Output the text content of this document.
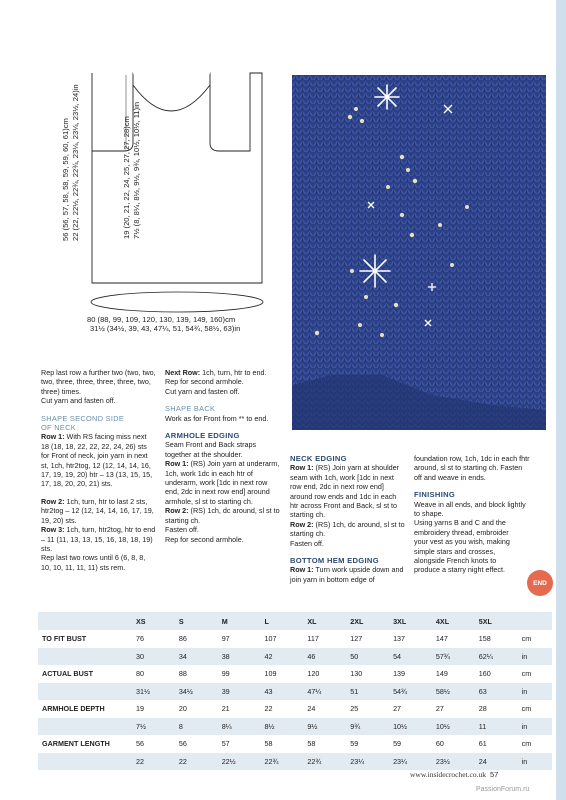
56 (56, 57, 58, 58, 59, 59, 60, 61)cm 22 (22, 22½, 22¾, 22¾, 23¼, 23¼, 23½, 24)in	19 (20, 21, 22, 24, 25, 27, 27, 28)cm 7½ (8, 8¼, 8½, 9½, 9¾, 10½, 10½, 11)in
80 (88, 99, 109, 120, 130, 139, 149, 160)cm
31½ (34½, 39, 43, 47¼, 51, 54¾, 58½, 63)in

Rep last row a further two (two, two, two, three, three, three, three, two, three) times.

Cut yarn and fasten off.

SHAPE SECOND SIDE
OF NECK

Row 1: With RS facing miss next 18 (18, 18, 22, 22, 22, 24, 26) sts for Front of neck, join yarn in next st, 1ch, htr2tog, 12 (12, 14, 14, 16, 17, 19, 19, 20) htr – 13 (13, 15, 15, 17, 18, 20, 20, 21) sts.

Row 2: 1ch, turn, htr to last 2 sts, htr2tog – 12 (12, 14, 14, 16, 17, 19, 19, 20) sts.

Row 3: 1ch, turn, htr2tog, htr to end – 11 (11, 13, 13, 15, 16, 18, 18, 19) sts.

Rep last two rows until 6 (6, 8, 8, 10, 10, 11, 11, 11) sts rem.

Next Row: 1ch, turn, htr to end.

Rep for second armhole.

Cut yarn and fasten off.

SHAPE BACK

Work as for Front from ** to end.

ARMHOLE EDGING

Seam Front and Back straps together at the shoulder.

Row 1: (RS) Join yarn at underarm, 1ch, work 1dc in each htr of underarm, work [1dc in next row end, 2dc in next row end] around armhole, sl st to starting ch.

Row 2: (RS) 1ch, dc around, sl st to starting ch.

Fasten off.

Rep for second armhole.

NECK EDGING

Row 1: (RS) Join yarn at shoulder seam with 1ch, work [1dc in next row end, 2dc in next row end] around row ends and 1dc in each htr across Front and Back, sl st to starting ch.

Row 2: (RS) 1ch, dc around, sl st to starting ch.

Fasten off.

BOTTOM HEM EDGING

Row 1: Turn work upside down and join yarn in bottom edge of

foundation row, 1ch, 1dc in each fhtr around, sl st to starting ch. Fasten off and weave in ends.

FINISHING

Weave in all ends, and block lightly to shape.

Using yarns B and C and the embroidery thread, embroider your vest as you wish, making simple stars and crosses, alongside French knots to produce a starry night effect.

END
	XS	S	M	L	XL	2XL	3XL	4XL	5XL	
TO FIT BUST	76	86	97	107	117	127	137	147	158	cm
	30	34	38	42	46	50	54	57¾	62¼	in
ACTUAL BUST	80	88	99	109	120	130	139	149	160	cm
	31½	34½	39	43	47¼	51	54¾	58½	63	in
ARMHOLE DEPTH	19	20	21	22	24	25	27	27	28	cm
	7½	8	8¼	8½	9½	9¾	10½	10½	11	in
GARMENT LENGTH	56	56	57	58	58	59	59	60	61	cm
	22	22	22½	22¾	22¾	23¼	23¼	23½	24	in
www.insidecrochet.co.uk 57
PassionForum.ru
